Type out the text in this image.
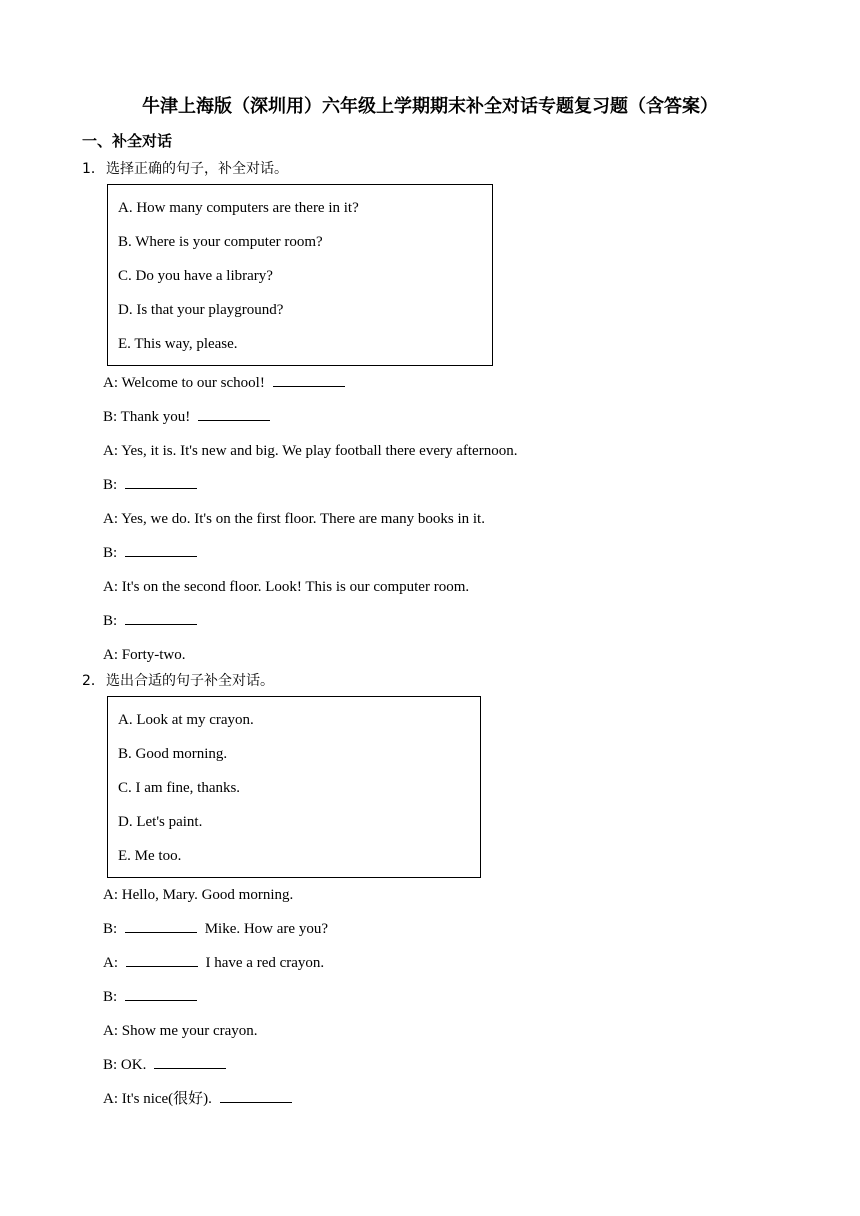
牛津上海版（深圳用）六年级上学期期末补全对话专题复习题（含答案）
一、补全对话
1．选择正确的句子，补全对话。
A. How many computers are there in it?
B. Where is your computer room?
C. Do you have a library?
D. Is that your playground?
E. This way, please.
A: Welcome to our school!
B: Thank you!
A: Yes, it is. It's new and big. We play football there every afternoon.
B:
A: Yes, we do. It's on the first floor. There are many books in it.
B:
A: It's on the second floor. Look! This is our computer room.
B:
A: Forty-two.
2．选出合适的句子补全对话。
A. Look at my crayon.
B. Good morning.
C. I am fine, thanks.
D. Let's paint.
E. Me too.
A: Hello, Mary. Good morning.
B:	Mike. How are you?
A:	I have a red crayon.
B:
A: Show me your crayon.
B: OK.
A: It's nice(很好).
